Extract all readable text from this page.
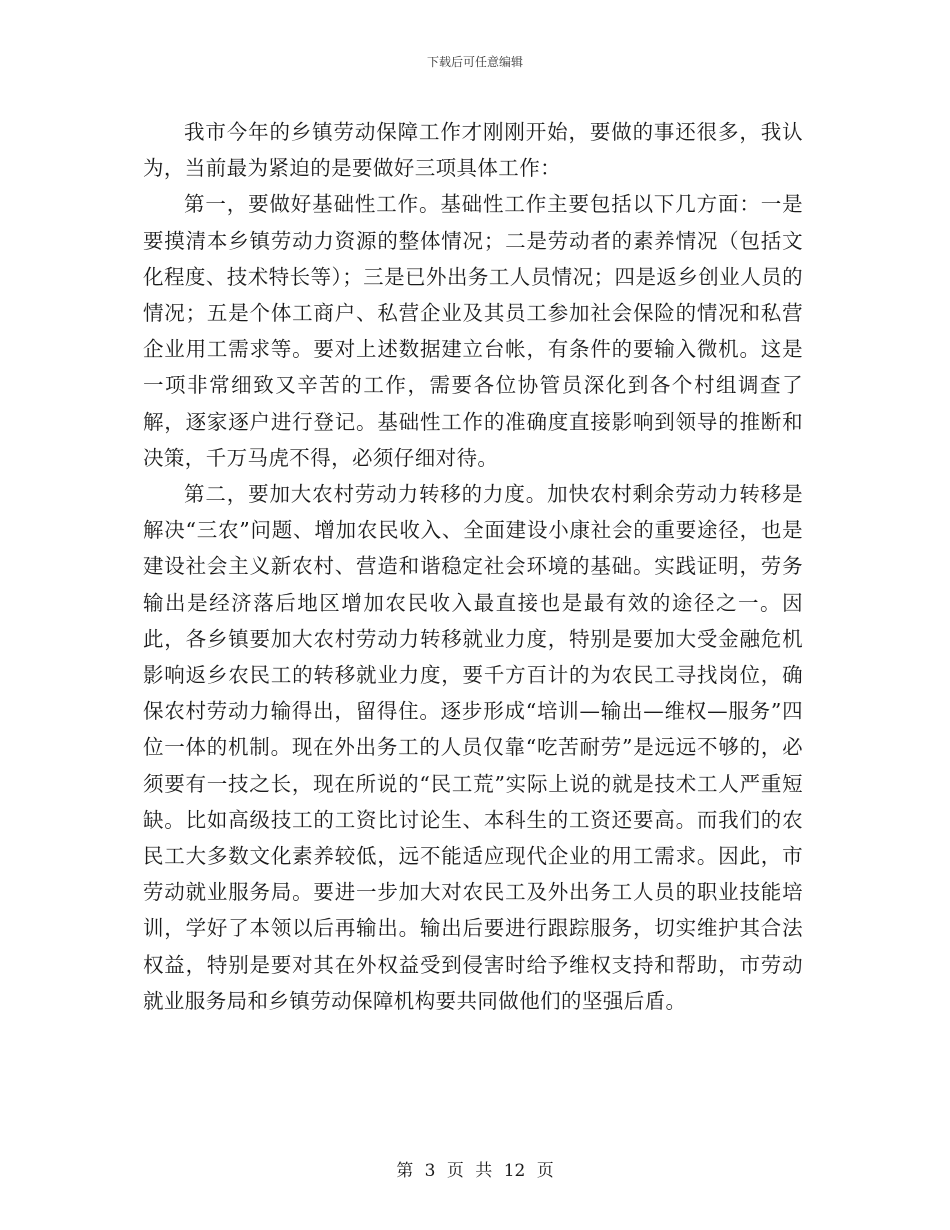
下载后可任意编辑

我市今年的乡镇劳动保障工作才刚刚开始，要做的事还很多，我认为，当前最为紧迫的是要做好三项具体工作：

第一，要做好基础性工作。基础性工作主要包括以下几方面：一是要摸清本乡镇劳动力资源的整体情况；二是劳动者的素养情况（包括文化程度、技术特长等）；三是已外出务工人员情况；四是返乡创业人员的情况；五是个体工商户、私营企业及其员工参加社会保险的情况和私营企业用工需求等。要对上述数据建立台帐，有条件的要输入微机。这是一项非常细致又辛苦的工作，需要各位协管员深化到各个村组调查了解，逐家逐户进行登记。基础性工作的准确度直接影响到领导的推断和决策，千万马虎不得，必须仔细对待。

第二，要加大农村劳动力转移的力度。加快农村剩余劳动力转移是解决“三农”问题、增加农民收入、全面建设小康社会的重要途径，也是建设社会主义新农村、营造和谐稳定社会环境的基础。实践证明，劳务输出是经济落后地区增加农民收入最直接也是最有效的途径之一。因此，各乡镇要加大农村劳动力转移就业力度，特别是要加大受金融危机影响返乡农民工的转移就业力度，要千方百计的为农民工寻找岗位，确保农村劳动力输得出，留得住。逐步形成“培训—输出—维权—服务”四位一体的机制。现在外出务工的人员仅靠“吃苦耐劳”是远远不够的，必须要有一技之长，现在所说的“民工荒”实际上说的就是技术工人严重短缺。比如高级技工的工资比讨论生、本科生的工资还要高。而我们的农民工大多数文化素养较低，远不能适应现代企业的用工需求。因此，市劳动就业服务局。要进一步加大对农民工及外出务工人员的职业技能培训，学好了本领以后再输出。输出后要进行跟踪服务，切实维护其合法权益，特别是要对其在外权益受到侵害时给予维权支持和帮助，市劳动就业服务局和乡镇劳动保障机构要共同做他们的坚强后盾。

第 3 页 共 12 页
